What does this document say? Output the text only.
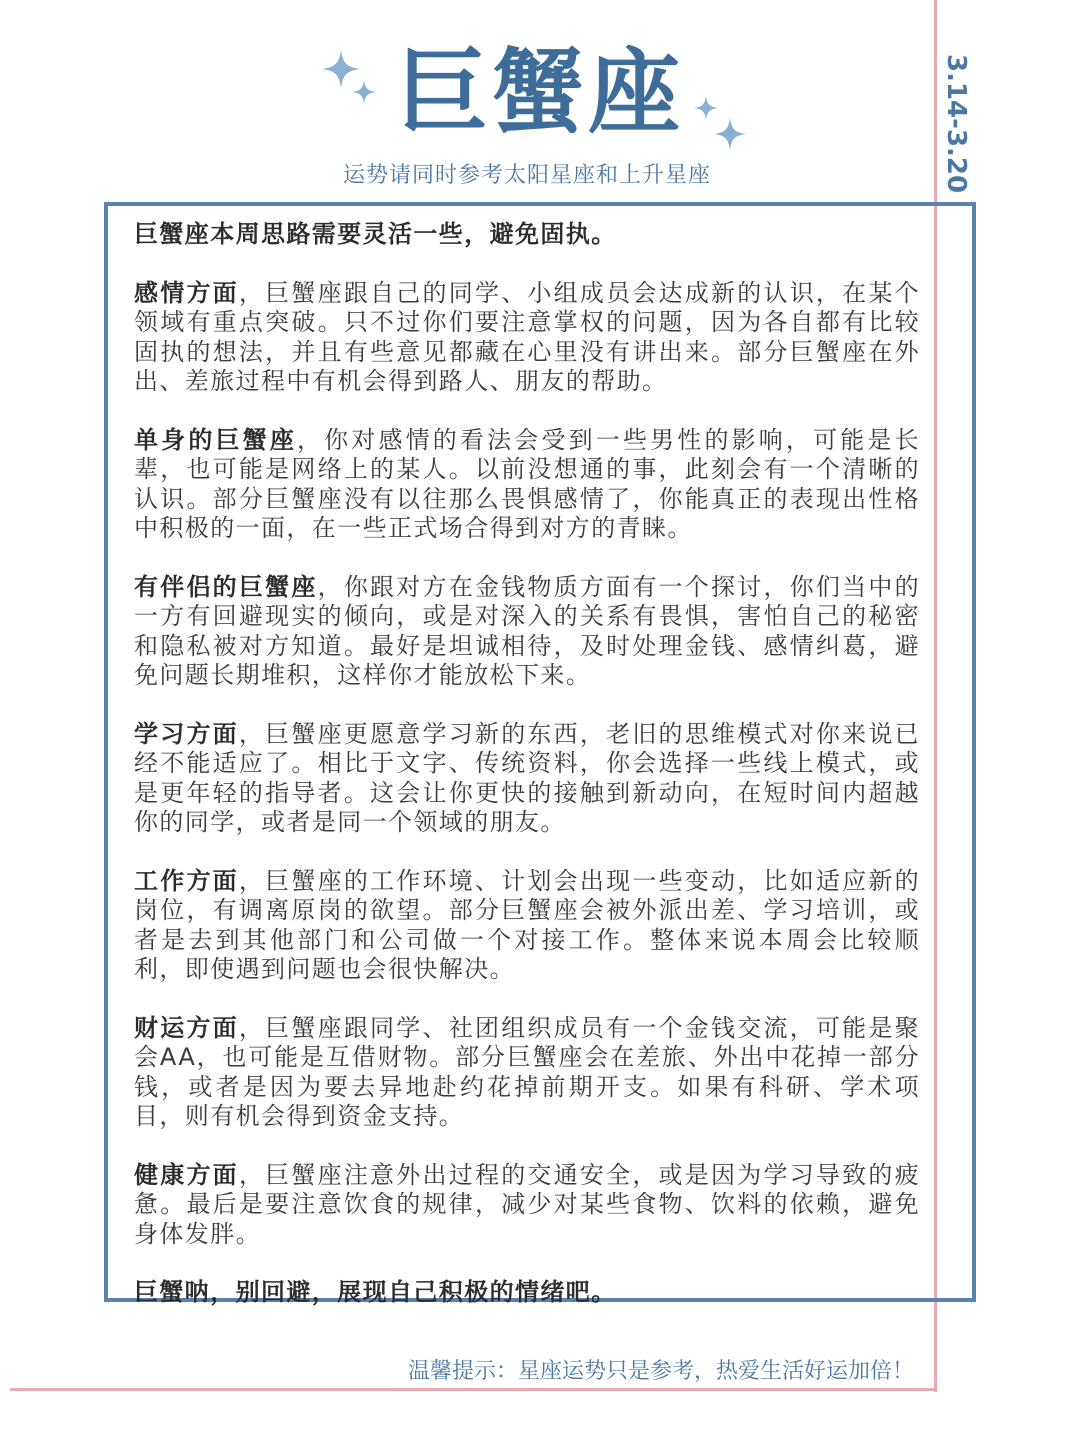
巨蟹座
运势请同时参考太阳星座和上升星座	3.14-3.20

巨蟹座本周思路需要灵活一些，避免固执。

感情方面，巨蟹座跟自己的同学、小组成员会达成新的认识，在某个领域有重点突破。只不过你们要注意掌权的问题，因为各自都有比较固执的想法，并且有些意见都藏在心里没有讲出来。部分巨蟹座在外出、差旅过程中有机会得到路人、朋友的帮助。

单身的巨蟹座，你对感情的看法会受到一些男性的影响，可能是长辈，也可能是网络上的某人。以前没想通的事，此刻会有一个清晰的认识。部分巨蟹座没有以往那么畏惧感情了，你能真正的表现出性格中积极的一面，在一些正式场合得到对方的青睐。

有伴侣的巨蟹座，你跟对方在金钱物质方面有一个探讨，你们当中的一方有回避现实的倾向，或是对深入的关系有畏惧，害怕自己的秘密和隐私被对方知道。最好是坦诚相待，及时处理金钱、感情纠葛，避免问题长期堆积，这样你才能放松下来。

学习方面，巨蟹座更愿意学习新的东西，老旧的思维模式对你来说已经不能适应了。相比于文字、传统资料，你会选择一些线上模式，或是更年轻的指导者。这会让你更快的接触到新动向，在短时间内超越你的同学，或者是同一个领域的朋友。

工作方面，巨蟹座的工作环境、计划会出现一些变动，比如适应新的岗位，有调离原岗的欲望。部分巨蟹座会被外派出差、学习培训，或者是去到其他部门和公司做一个对接工作。整体来说本周会比较顺利，即使遇到问题也会很快解决。

财运方面，巨蟹座跟同学、社团组织成员有一个金钱交流，可能是聚会AA，也可能是互借财物。部分巨蟹座会在差旅、外出中花掉一部分钱，或者是因为要去异地赴约花掉前期开支。如果有科研、学术项目，则有机会得到资金支持。

健康方面，巨蟹座注意外出过程的交通安全，或是因为学习导致的疲惫。最后是要注意饮食的规律，减少对某些食物、饮料的依赖，避免身体发胖。

巨蟹呐，别回避，展现自己积极的情绪吧。

温馨提示：星座运势只是参考，热爱生活好运加倍！
